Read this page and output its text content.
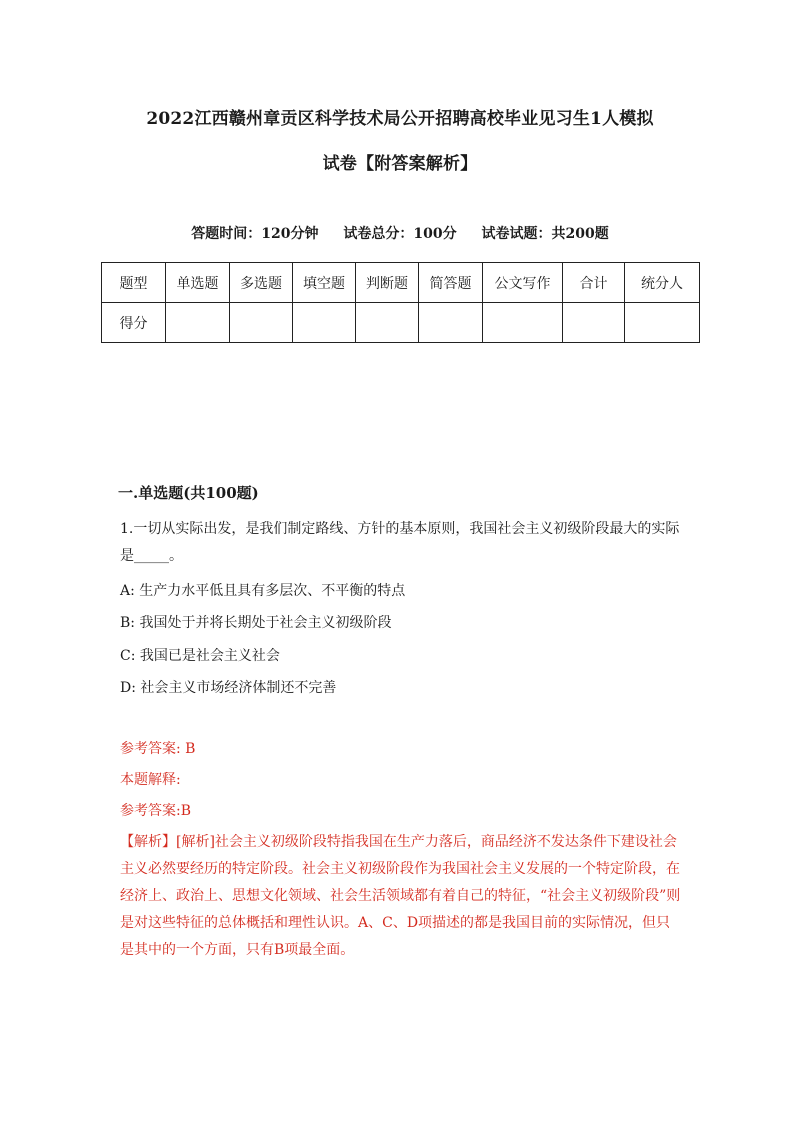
2022江西赣州章贡区科学技术局公开招聘高校毕业见习生1人模拟
试卷【附答案解析】
答题时间：120分钟 试卷总分：100分 试卷试题：共200题
题型	单选题	多选题	填空题	判断题	简答题	公文写作	合计	统分人
得分								
一.单选题(共100题)
1.一切从实际出发，是我们制定路线、方针的基本原则，我国社会主义初级阶段最大的实际是_____。
A: 生产力水平低且具有多层次、不平衡的特点
B: 我国处于并将长期处于社会主义初级阶段
C: 我国已是社会主义社会
D: 社会主义市场经济体制还不完善
参考答案: B
本题解释:
参考答案:B
【解析】[解析]社会主义初级阶段特指我国在生产力落后，商品经济不发达条件下建设社会主义必然要经历的特定阶段。社会主义初级阶段作为我国社会主义发展的一个特定阶段，在经济上、政治上、思想文化领域、社会生活领域都有着自己的特征，“社会主义初级阶段”则是对这些特征的总体概括和理性认识。A、C、D项描述的都是我国目前的实际情况，但只是其中的一个方面，只有B项最全面。
